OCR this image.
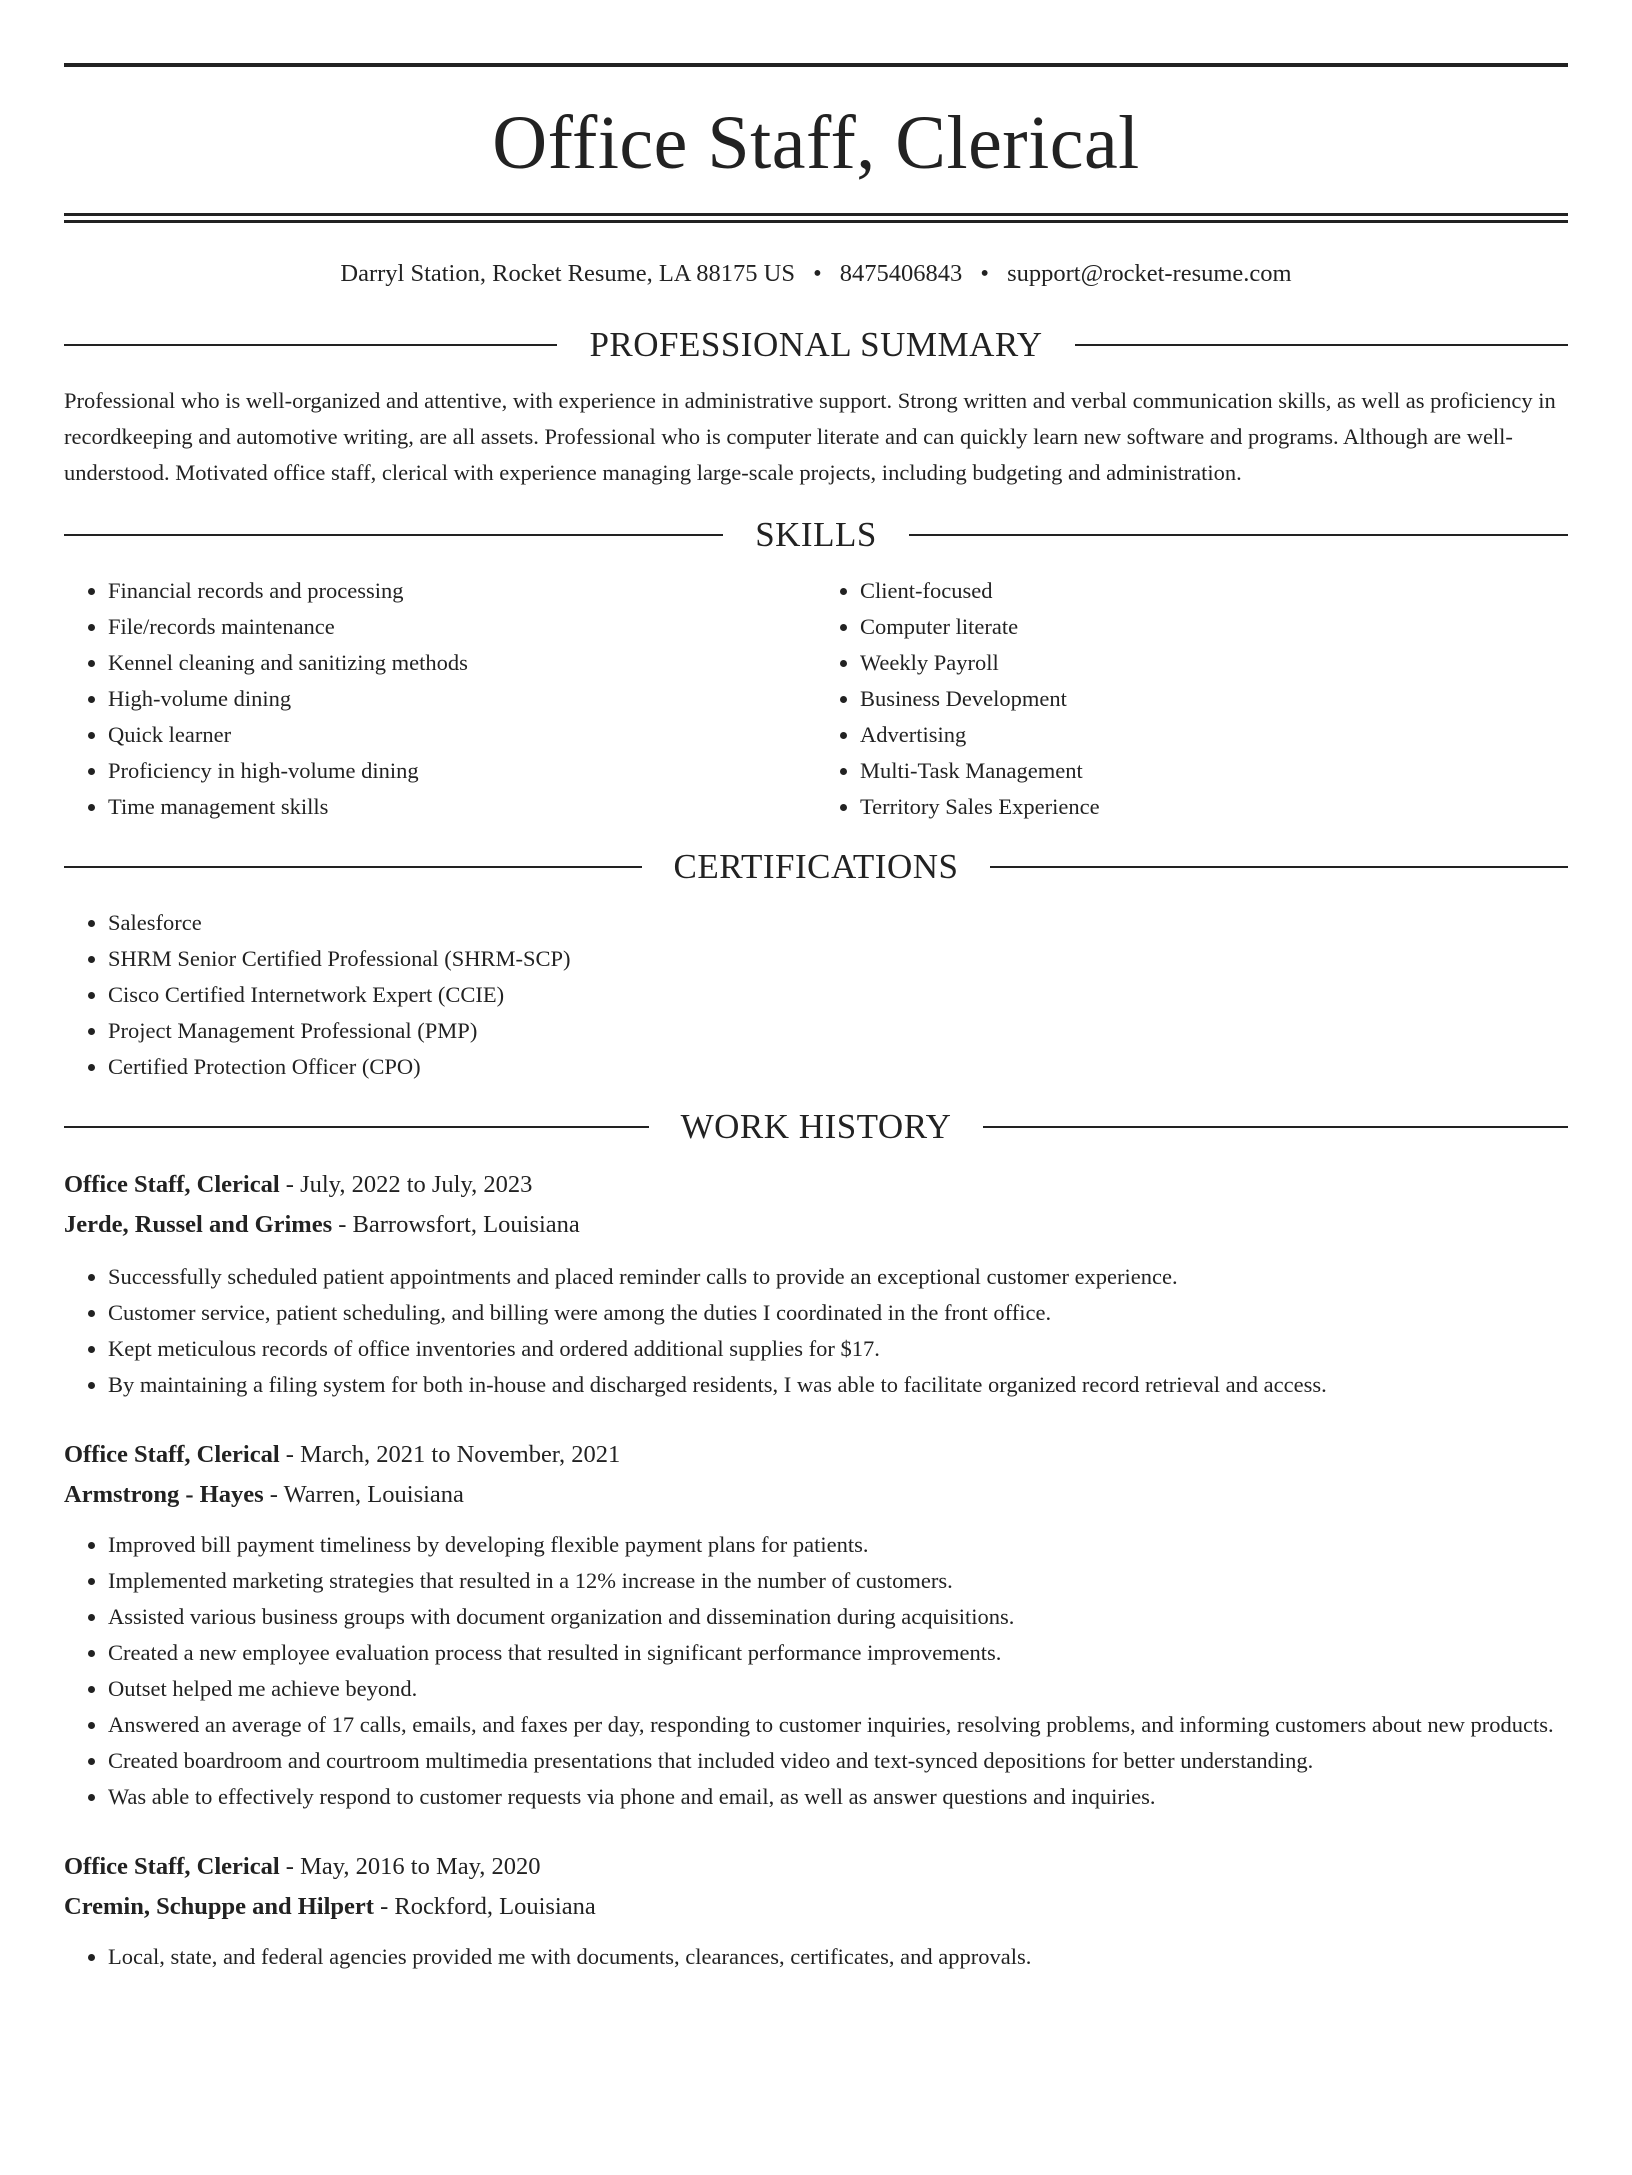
Office Staff, Clerical
Darryl Station, Rocket Resume, LA 88175 US • 8475406843 • support@rocket-resume.com
PROFESSIONAL SUMMARY

Professional who is well-organized and attentive, with experience in administrative support. Strong written and verbal communication skills, as well as proficiency in recordkeeping and automotive writing, are all assets. Professional who is computer literate and can quickly learn new software and programs. Although are well-understood. Motivated office staff, clerical with experience managing large-scale projects, including budgeting and administration.

SKILLS
• Financial records and processing
• File/records maintenance
• Kennel cleaning and sanitizing methods
• High-volume dining
• Quick learner
• Proficiency in high-volume dining
• Time management skills
• Client-focused
• Computer literate
• Weekly Payroll
• Business Development
• Advertising
• Multi-Task Management
• Territory Sales Experience
CERTIFICATIONS
• Salesforce
• SHRM Senior Certified Professional (SHRM-SCP)
• Cisco Certified Internetwork Expert (CCIE)
• Project Management Professional (PMP)
• Certified Protection Officer (CPO)
WORK HISTORY
Office Staff, Clerical - July, 2022 to July, 2023
Jerde, Russel and Grimes - Barrowsfort, Louisiana
• Successfully scheduled patient appointments and placed reminder calls to provide an exceptional customer experience.
• Customer service, patient scheduling, and billing were among the duties I coordinated in the front office.
• Kept meticulous records of office inventories and ordered additional supplies for $17.
• By maintaining a filing system for both in-house and discharged residents, I was able to facilitate organized record retrieval and access.
Office Staff, Clerical - March, 2021 to November, 2021
Armstrong - Hayes - Warren, Louisiana
• Improved bill payment timeliness by developing flexible payment plans for patients.
• Implemented marketing strategies that resulted in a 12% increase in the number of customers.
• Assisted various business groups with document organization and dissemination during acquisitions.
• Created a new employee evaluation process that resulted in significant performance improvements.
• Outset helped me achieve beyond.
• Answered an average of 17 calls, emails, and faxes per day, responding to customer inquiries, resolving problems, and informing customers about new products.
• Created boardroom and courtroom multimedia presentations that included video and text-synced depositions for better understanding.
• Was able to effectively respond to customer requests via phone and email, as well as answer questions and inquiries.
Office Staff, Clerical - May, 2016 to May, 2020
Cremin, Schuppe and Hilpert - Rockford, Louisiana
• Local, state, and federal agencies provided me with documents, clearances, certificates, and approvals.
